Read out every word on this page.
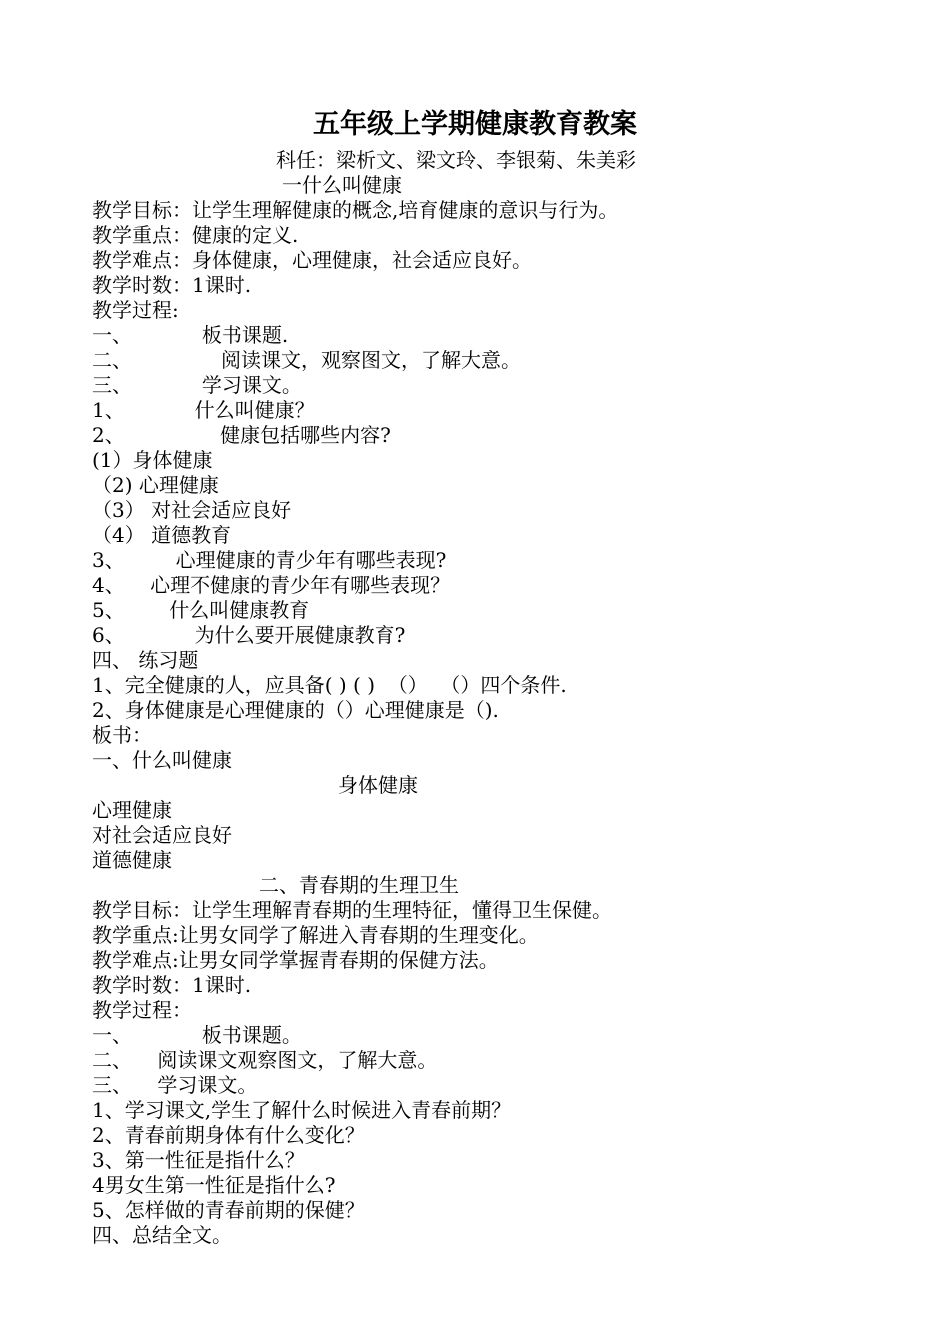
五年级上学期健康教育教案
科任：梁析文、梁文玲、李银菊、朱美彩
一什么叫健康
教学目标：让学生理解健康的概念,培育健康的意识与行为。
教学重点：健康的定义.
教学难点：身体健康，心理健康，社会适应良好。
教学时数：1课时.
教学过程:
一、           板书课题.
二、              阅读课文，观察图文，了解大意。
三、           学习课文。
1、           什么叫健康？
2、               健康包括哪些内容?
(1）身体健康
（2) 心理健康
（3） 对社会适应良好
（4） 道德教育
3、        心理健康的青少年有哪些表现?
4、    心理不健康的青少年有哪些表现？
5、       什么叫健康教育
6、           为什么要开展健康教育?
四、 练习题
1、完全健康的人，应具备( ) ( )  （）  （）四个条件.
2、身体健康是心理健康的（）心理健康是（).
板书：
一、什么叫健康
身体健康
心理健康
对社会适应良好
道德健康
二、青春期的生理卫生
教学目标：让学生理解青春期的生理特征，懂得卫生保健。
教学重点:让男女同学了解进入青春期的生理变化。
教学难点:让男女同学掌握青春期的保健方法。
教学时数：1课时.
教学过程：
一、           板书课题。
二、    阅读课文观察图文，了解大意。
三、    学习课文。
1、学习课文,学生了解什么时候进入青春前期？
2、青春前期身体有什么变化？
3、第一性征是指什么？
4男女生第一性征是指什么?
5、怎样做的青春前期的保健？
四、总结全文。
